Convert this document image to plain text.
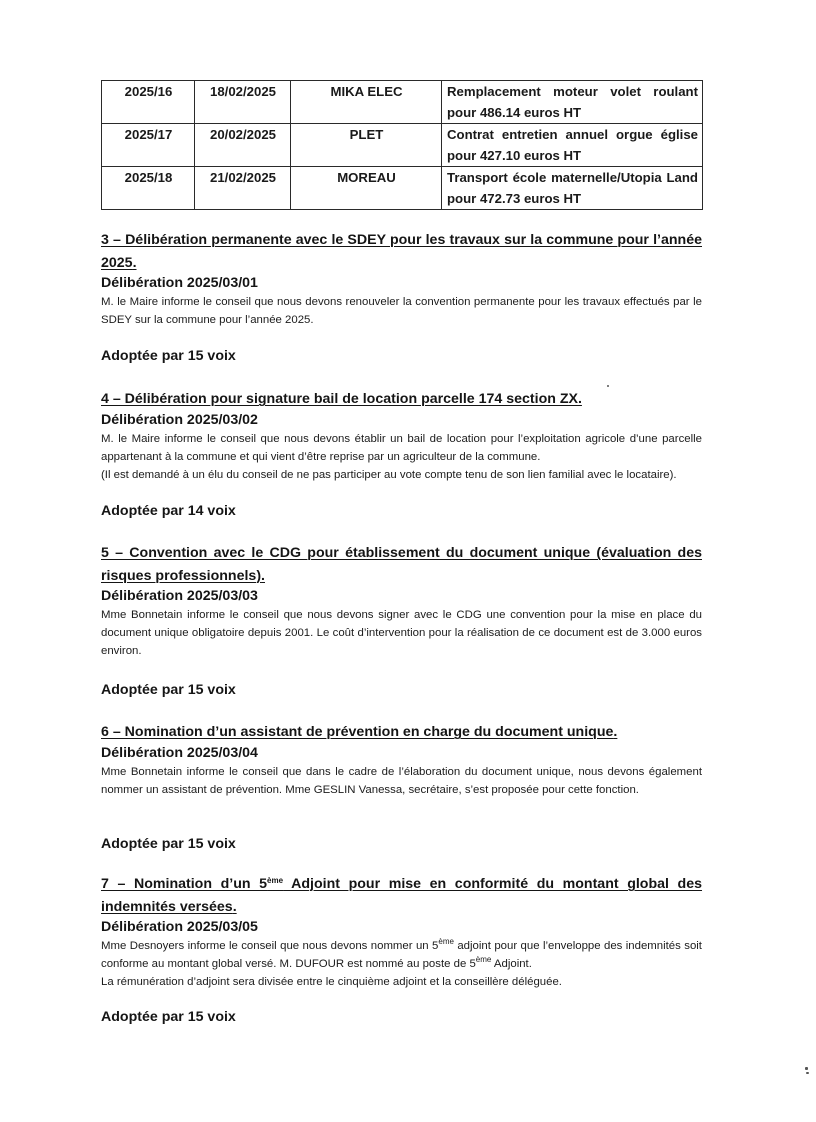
2025/16	18/02/2025	MIKA ELEC	Remplacement moteur volet roulant pour 486.14 euros HT
2025/17	20/02/2025	PLET	Contrat entretien annuel orgue église pour 427.10 euros HT
2025/18	21/02/2025	MOREAU	Transport école maternelle/Utopia Land pour 472.73 euros HT

3 – Délibération permanente avec le SDEY pour les travaux sur la commune pour l’année 2025.

Délibération 2025/03/01

M. le Maire informe le conseil que nous devons renouveler la convention permanente pour les travaux effectués par le SDEY sur la commune pour l’année 2025.

Adoptée par 15 voix

4 – Délibération pour signature bail de location parcelle 174 section ZX.

Délibération 2025/03/02

M. le Maire informe le conseil que nous devons établir un bail de location pour l’exploitation agricole d’une parcelle appartenant à la commune et qui vient d’être reprise par un agriculteur de la commune.

(Il est demandé à un élu du conseil de ne pas participer au vote compte tenu de son lien familial avec le locataire).

Adoptée par 14 voix

5 – Convention avec le CDG pour établissement du document unique (évaluation des risques professionnels).

Délibération 2025/03/03

Mme Bonnetain informe le conseil que nous devons signer avec le CDG une convention pour la mise en place du document unique obligatoire depuis 2001. Le coût d’intervention pour la réalisation de ce document est de 3.000 euros environ.

Adoptée par 15 voix

6 – Nomination d’un assistant de prévention en charge du document unique.

Délibération 2025/03/04

Mme Bonnetain informe le conseil que dans le cadre de l’élaboration du document unique, nous devons également nommer un assistant de prévention. Mme GESLIN Vanessa, secrétaire, s’est proposée pour cette fonction.

Adoptée par 15 voix

7 – Nomination d’un 5ème Adjoint pour mise en conformité du montant global des indemnités versées.

Délibération 2025/03/05

Mme Desnoyers informe le conseil que nous devons nommer un 5ème adjoint pour que l’enveloppe des indemnités soit conforme au montant global versé. M. DUFOUR est nommé au poste de 5ème Adjoint.

La rémunération d’adjoint sera divisée entre le cinquième adjoint et la conseillère déléguée.

Adoptée par 15 voix
